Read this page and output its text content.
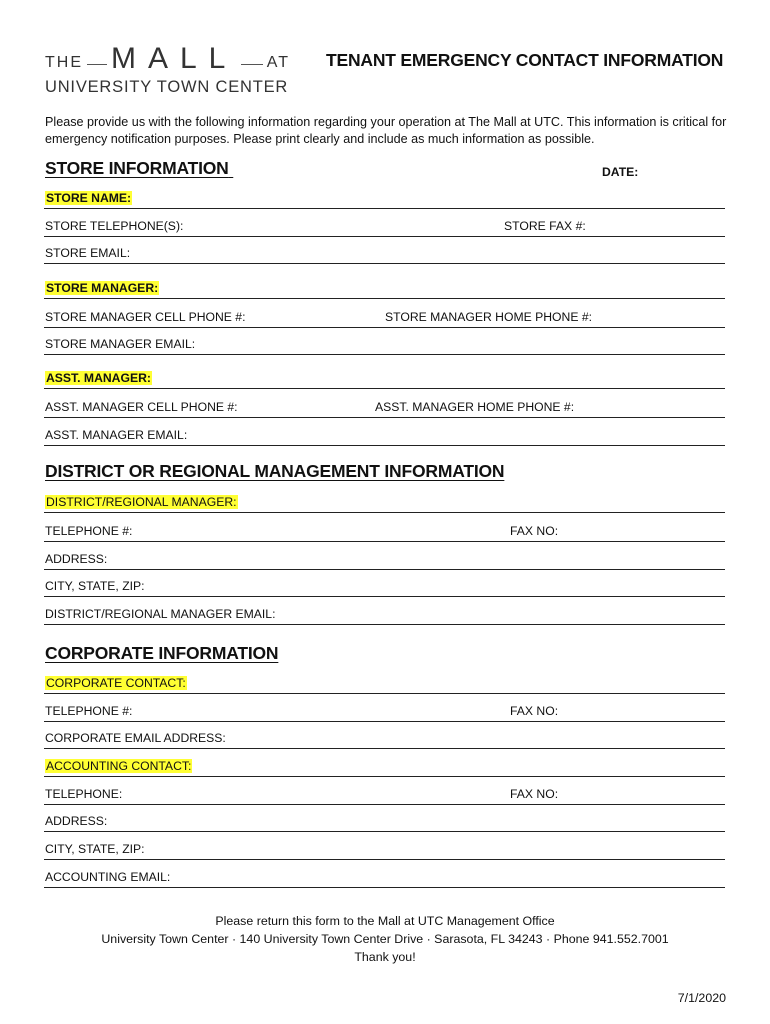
THE MALL AT
UNIVERSITY TOWN CENTER
TENANT EMERGENCY CONTACT INFORMATION
Please provide us with the following information regarding your operation at The Mall at UTC. This information is critical for emergency notification purposes. Please print clearly and include as much information as possible.
STORE INFORMATION	DATE:
STORE NAME:
STORE TELEPHONE(S):	STORE FAX #:
STORE EMAIL:
STORE MANAGER:
STORE MANAGER CELL PHONE #:	STORE MANAGER HOME PHONE #:
STORE MANAGER EMAIL:
ASST. MANAGER:
ASST. MANAGER CELL PHONE #:	ASST. MANAGER HOME PHONE #:
ASST. MANAGER EMAIL:
DISTRICT OR REGIONAL MANAGEMENT INFORMATION
DISTRICT/REGIONAL MANAGER:
TELEPHONE #:	FAX NO:
ADDRESS:
CITY, STATE, ZIP:
DISTRICT/REGIONAL MANAGER EMAIL:
CORPORATE INFORMATION
CORPORATE CONTACT:
TELEPHONE #:	FAX NO:
CORPORATE EMAIL ADDRESS:
ACCOUNTING CONTACT:
TELEPHONE:	FAX NO:
ADDRESS:
CITY, STATE, ZIP:
ACCOUNTING EMAIL:
Please return this form to the Mall at UTC Management Office
University Town Center · 140 University Town Center Drive · Sarasota, FL 34243 · Phone 941.552.7001
Thank you!
7/1/2020
